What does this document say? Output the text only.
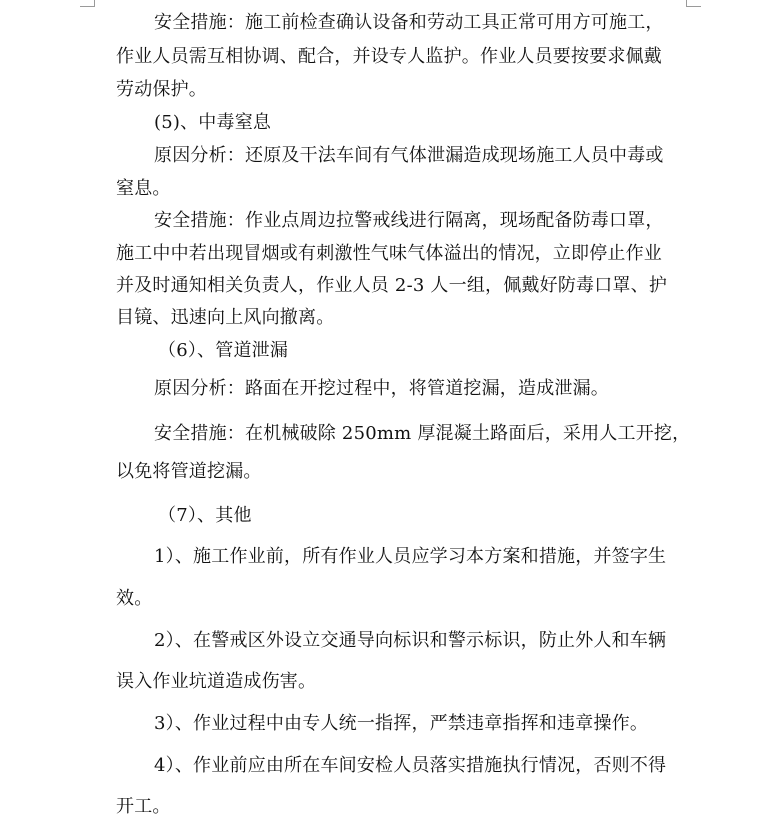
安全措施：施工前检查确认设备和劳动工具正常可用方可施工，
作业人员需互相协调、配合，并设专人监护。作业人员要按要求佩戴
劳动保护。
(5)、中毒窒息
原因分析：还原及干法车间有气体泄漏造成现场施工人员中毒或
窒息。
安全措施：作业点周边拉警戒线进行隔离，现场配备防毒口罩，
施工中中若出现冒烟或有刺激性气味气体溢出的情况，立即停止作业
并及时通知相关负责人，作业人员 2-3 人一组，佩戴好防毒口罩、护
目镜、迅速向上风向撤离。
（6）、管道泄漏
原因分析：路面在开挖过程中，将管道挖漏，造成泄漏。
安全措施：在机械破除 250mm 厚混凝土路面后，采用人工开挖，
以免将管道挖漏。
（7）、其他
1）、施工作业前，所有作业人员应学习本方案和措施，并签字生
效。
2）、在警戒区外设立交通导向标识和警示标识，防止外人和车辆
误入作业坑道造成伤害。
3）、作业过程中由专人统一指挥，严禁违章指挥和违章操作。
4）、作业前应由所在车间安检人员落实措施执行情况，否则不得
开工。
